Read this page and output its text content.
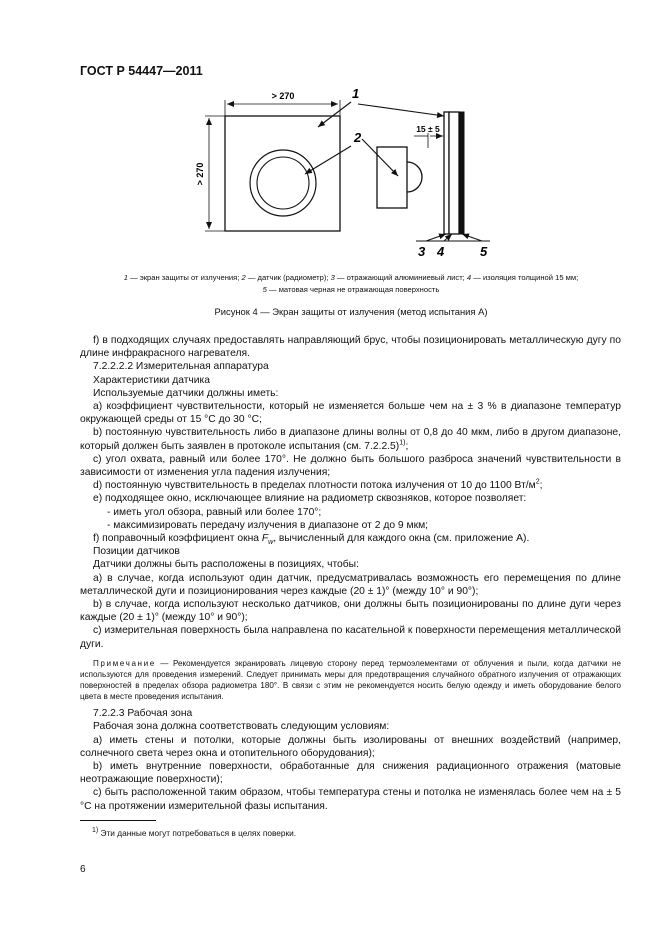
ГОСТ Р 54447—2011
> 270
> 270
15 ± 5
1
2
3 4	5
1 — экран защиты от излучения; 2 — датчик (радиометр); 3 — отражающий алюминиевый лист; 4 — изоляция толщиной 15 мм;
5 — матовая черная не отражающая поверхность
Рисунок 4 — Экран защиты от излучения (метод испытания А)

f) в подходящих случаях предоставлять направляющий брус, чтобы позиционировать металлическую дугу по длине инфракрасного нагревателя.

7.2.2.2.2 Измерительная аппаратура

Характеристики датчика

Используемые датчики должны иметь:

а) коэффициент чувствительности, который не изменяется больше чем на ± 3 % в диапазоне температур окружающей среды от 15 °С до 30 °С;

b) постоянную чувствительность либо в диапазоне длины волны от 0,8 до 40 мкм, либо в другом диапазоне, который должен быть заявлен в протоколе испытания (см. 7.2.2.5)$^{1)}$;

с) угол охвата, равный или более 170°. Не должно быть большого разброса значений чувствительности в зависимости от изменения угла падения излучения;

d) постоянную чувствительность в пределах плотности потока излучения от 10 до 1100 $Вт/м^2$;

е) подходящее окно, исключающее влияние на радиометр сквозняков, которое позволяет:

- иметь угол обзора, равный или более 170°;

- максимизировать передачу излучения в диапазоне от 2 до 9 мкм;

f) поправочный коэффициент окна $F_w$, вычисленный для каждого окна (см. приложение А).

Позиции датчиков

Датчики должны быть расположены в позициях, чтобы:

а) в случае, когда используют один датчик, предусматривалась возможность его перемещения по длине металлической дуги и позиционирования через каждые (20 ± 1)° (между 10° и 90°);

b) в случае, когда используют несколько датчиков, они должны быть позиционированы по длине дуги через каждые (20 ± 1)° (между 10° и 90°);

с) измерительная поверхность была направлена по касательной к поверхности перемещения металлической дуги.

Примечание — Рекомендуется экранировать лицевую сторону перед термоэлементами от облучения и пыли, когда датчики не используются для проведения измерений. Следует принимать меры для предотвращения случайного обратного излучения от отражающих поверхностей в пределах обзора радиометра 180°. В связи с этим не рекомендуется носить белую одежду и иметь оборудование белого цвета в месте проведения испытания.

7.2.2.3 Рабочая зона

Рабочая зона должна соответствовать следующим условиям:

а) иметь стены и потолки, которые должны быть изолированы от внешних воздействий (например, солнечного света через окна и отопительного оборудования);

b) иметь внутренние поверхности, обработанные для снижения радиационного отражения (матовые неотражающие поверхности);

с) быть расположенной таким образом, чтобы температура стены и потолка не изменялась более чем на ± 5 °С на протяжении измерительной фазы испытания.

$^{1)}$ Эти данные могут потребоваться в целях поверки.
6
